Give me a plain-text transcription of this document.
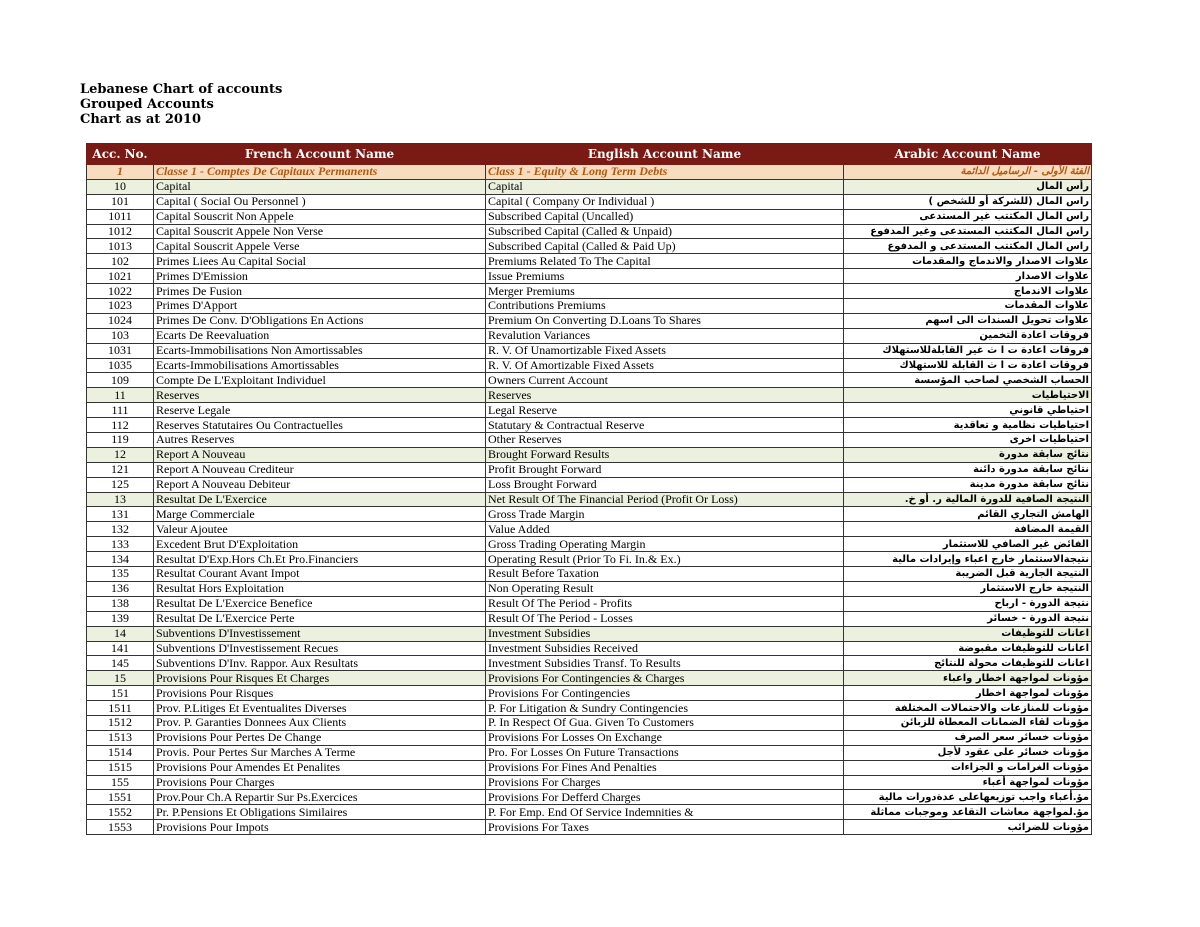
Lebanese Chart of accounts
Grouped Accounts
Chart as at 2010
Acc. No.	French Account Name	English Account Name	Arabic Account Name
1	Classe 1 - Comptes De Capitaux Permanents	Class 1 - Equity & Long Term Debts	الفئة الأولى - الرساميل الدائمة
10	Capital	Capital	رأس المال
101	Capital ( Social Ou Personnel )	Capital ( Company Or Individual )	راس المال (للشركة أو للشخص )
1011	Capital Souscrit Non Appele	Subscribed Capital (Uncalled)	راس المال المكتتب غير المستدعى
1012	Capital Souscrit Appele Non Verse	Subscribed Capital (Called & Unpaid)	راس المال المكتتب المستدعى وغير المدفوع
1013	Capital Souscrit Appele Verse	Subscribed Capital (Called & Paid Up)	راس المال المكتتب المستدعى و المدفوع
102	Primes Liees Au Capital Social	Premiums Related To The Capital	علاوات الاصدار والاندماج والمقدمات
1021	Primes D'Emission	Issue Premiums	علاوات الاصدار
1022	Primes De Fusion	Merger Premiums	علاوات الاندماج
1023	Primes D'Apport	Contributions Premiums	علاوات المقدمات
1024	Primes De Conv. D'Obligations En Actions	Premium On Converting D.Loans To Shares	علاوات تحويل السندات الى اسهم
103	Ecarts De Reevaluation	Revalution Variances	فروقات اعادة التخمين
1031	Ecarts-Immobilisations Non Amortissables	R. V. Of Unamortizable Fixed Assets	فروقات اعادة ت ا ث غير القابلةللاستهلاك
1035	Ecarts-Immobilisations Amortissables	R. V. Of Amortizable Fixed Assets	فروقات اعادة ت ا ث القابلة للاستهلاك
109	Compte De L'Exploitant Individuel	Owners Current Account	الحساب الشخصي لصاحب المؤسسة
11	Reserves	Reserves	الاحتياطيات
111	Reserve Legale	Legal Reserve	احتياطي قانوني
112	Reserves Statutaires Ou Contractuelles	Statutary & Contractual Reserve	احتياطيات نظامية و تعاقدية
119	Autres Reserves	Other Reserves	احتياطيات اخرى
12	Report A Nouveau	Brought Forward Results	نتائج سابقة مدورة
121	Report A Nouveau Crediteur	Profit Brought Forward	نتائج سابقة مدورة دائنة
125	Report A Nouveau Debiteur	Loss Brought Forward	نتائج سابقة مدورة مدينة
13	Resultat De L'Exercice	Net Result Of The Financial Period (Profit Or Loss)	النتيجة الصافية للدورة المالية ر. أو خ.
131	Marge Commerciale	Gross Trade Margin	الهامش التجاري القائم
132	Valeur Ajoutee	Value Added	القيمة المضافة
133	Excedent Brut D'Exploitation	Gross Trading Operating Margin	الفائض غير الصافي للاستثمار
134	Resultat D'Exp.Hors Ch.Et Pro.Financiers	Operating Result (Prior To Fi. In.& Ex.)	نتيجةالاستثمار خارج اعباء وإيرادات مالية
135	Resultat Courant Avant Impot	Result Before Taxation	النتيجة الجارية قبل الضريبة
136	Resultat Hors Exploitation	Non Operating Result	النتيجة خارج الاستثمار
138	Resultat De L'Exercice Benefice	Result Of The Period - Profits	نتيجة الدورة - ارباح
139	Resultat De L'Exercice Perte	Result Of The Period - Losses	نتيجة الدورة - خسائر
14	Subventions D'Investissement	Investment Subsidies	اعانات للتوظيفات
141	Subventions D'Investissement Recues	Investment Subsidies Received	اعانات للتوظيفات مقبوضة
145	Subventions D'Inv. Rappor. Aux Resultats	Investment Subsidies Transf. To Results	اعانات للتوظيفات محولة للنتائج
15	Provisions Pour Risques Et Charges	Provisions For Contingencies & Charges	مؤونات لمواجهة اخطار واعباء
151	Provisions Pour Risques	Provisions For Contingencies	مؤونات لمواجهة اخطار
1511	Prov. P.Litiges Et Eventualites Diverses	P. For Litigation & Sundry Contingencies	مؤونات للمنازعات والاحتمالات المختلفة
1512	Prov. P. Garanties Donnees Aux Clients	P. In Respect Of Gua. Given To Customers	مؤونات لقاء الضمانات المعطاة للزبائن
1513	Provisions Pour Pertes De Change	Provisions For Losses On Exchange	مؤونات خسائر سعر الصرف
1514	Provis. Pour Pertes Sur Marches A Terme	Pro. For Losses On Future Transactions	مؤونات خسائر على عقود لأجل
1515	Provisions Pour Amendes Et Penalites	Provisions For Fines And Penalties	مؤونات الغرامات و الجزاءات
155	Provisions Pour Charges	Provisions For Charges	مؤونات لمواجهة أعباء
1551	Prov.Pour Ch.A Repartir Sur Ps.Exercices	Provisions For Defferd Charges	مؤ.أعباء واجب توزيعهاعلى عدةدورات مالية
1552	Pr. P.Pensions Et Obligations Similaires	P. For Emp. End Of Service Indemnities &	مؤ.لمواجهة معاشات التقاعد وموجبات مماثلة
1553	Provisions Pour Impots	Provisions For Taxes	مؤونات للضرائب
